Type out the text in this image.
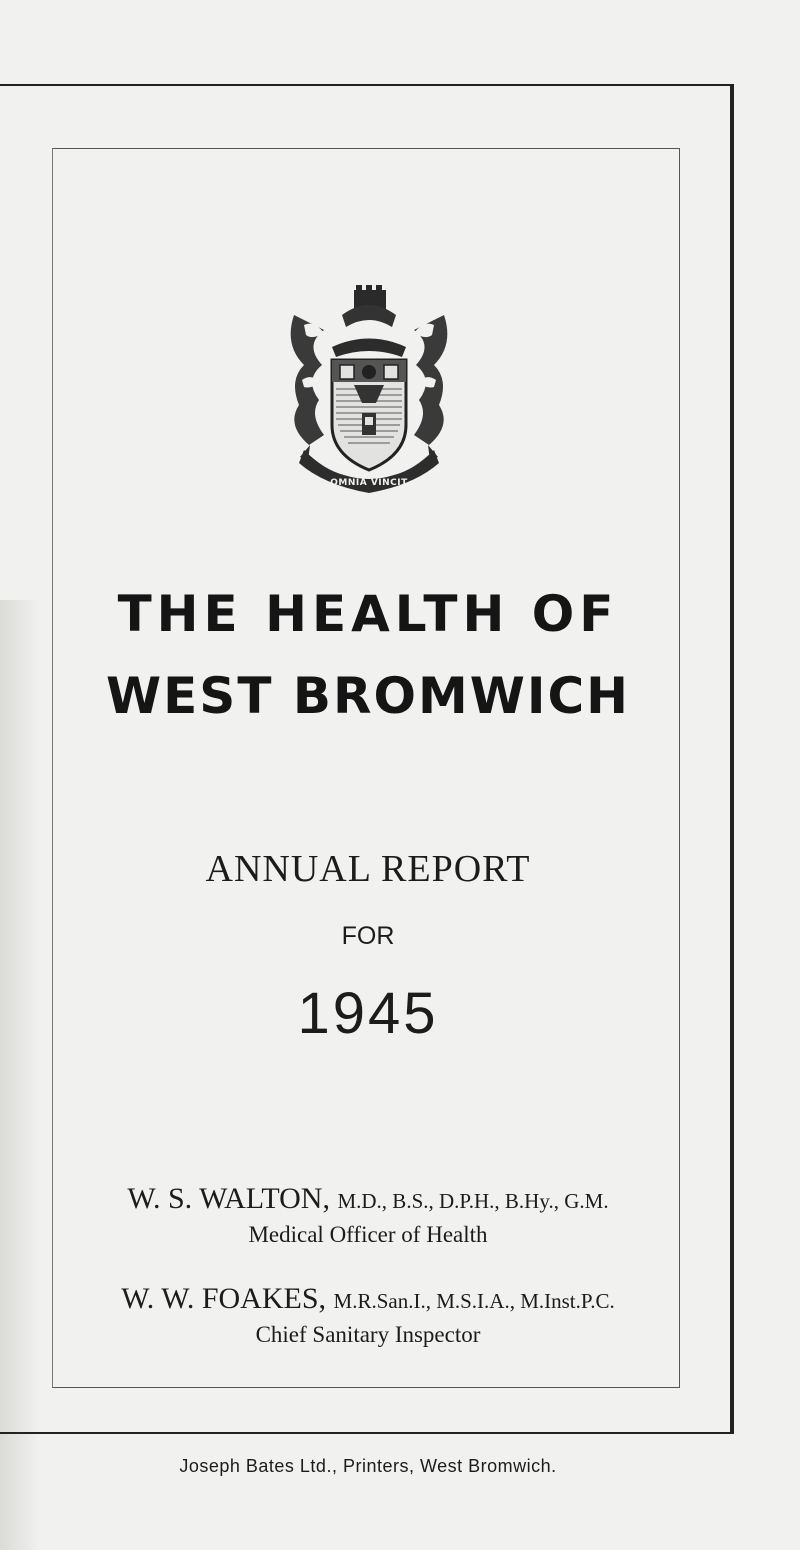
OMNIA VINCIT
THE HEALTH OF
WEST BROMWICH
ANNUAL REPORT
FOR
1945
W. S. WALTON, M.D., B.S., D.P.H., B.Hy., G.M.
Medical Officer of Health
W. W. FOAKES, M.R.San.I., M.S.I.A., M.Inst.P.C.
Chief Sanitary Inspector
Joseph Bates Ltd., Printers, West Bromwich.
